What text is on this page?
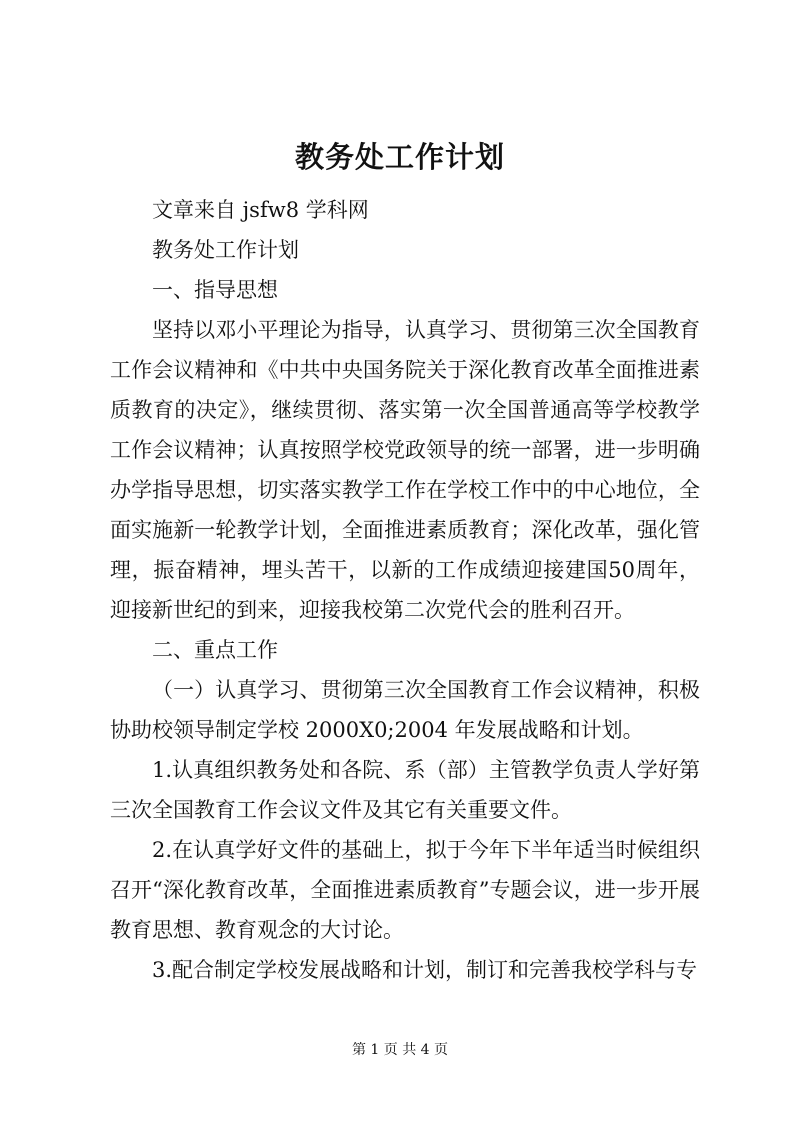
教务处工作计划

文章来自 jsfw8 学科网

教务处工作计划

一、指导思想

坚持以邓小平理论为指导，认真学习、贯彻第三次全国教育工作会议精神和《中共中央国务院关于深化教育改革全面推进素质教育的决定》，继续贯彻、落实第一次全国普通高等学校教学工作会议精神；认真按照学校党政领导的统一部署，进一步明确办学指导思想，切实落实教学工作在学校工作中的中心地位，全面实施新一轮教学计划，全面推进素质教育；深化改革，强化管理，振奋精神，埋头苦干，以新的工作成绩迎接建国50周年，迎接新世纪的到来，迎接我校第二次党代会的胜利召开。

二、重点工作

（一）认真学习、贯彻第三次全国教育工作会议精神，积极协助校领导制定学校 2000X0;2004 年发展战略和计划。

1.认真组织教务处和各院、系（部）主管教学负责人学好第三次全国教育工作会议文件及其它有关重要文件。

2.在认真学好文件的基础上，拟于今年下半年适当时候组织召开“深化教育改革，全面推进素质教育”专题会议，进一步开展教育思想、教育观念的大讨论。

3.配合制定学校发展战略和计划，制订和完善我校学科与专

第 1 页 共 4 页
